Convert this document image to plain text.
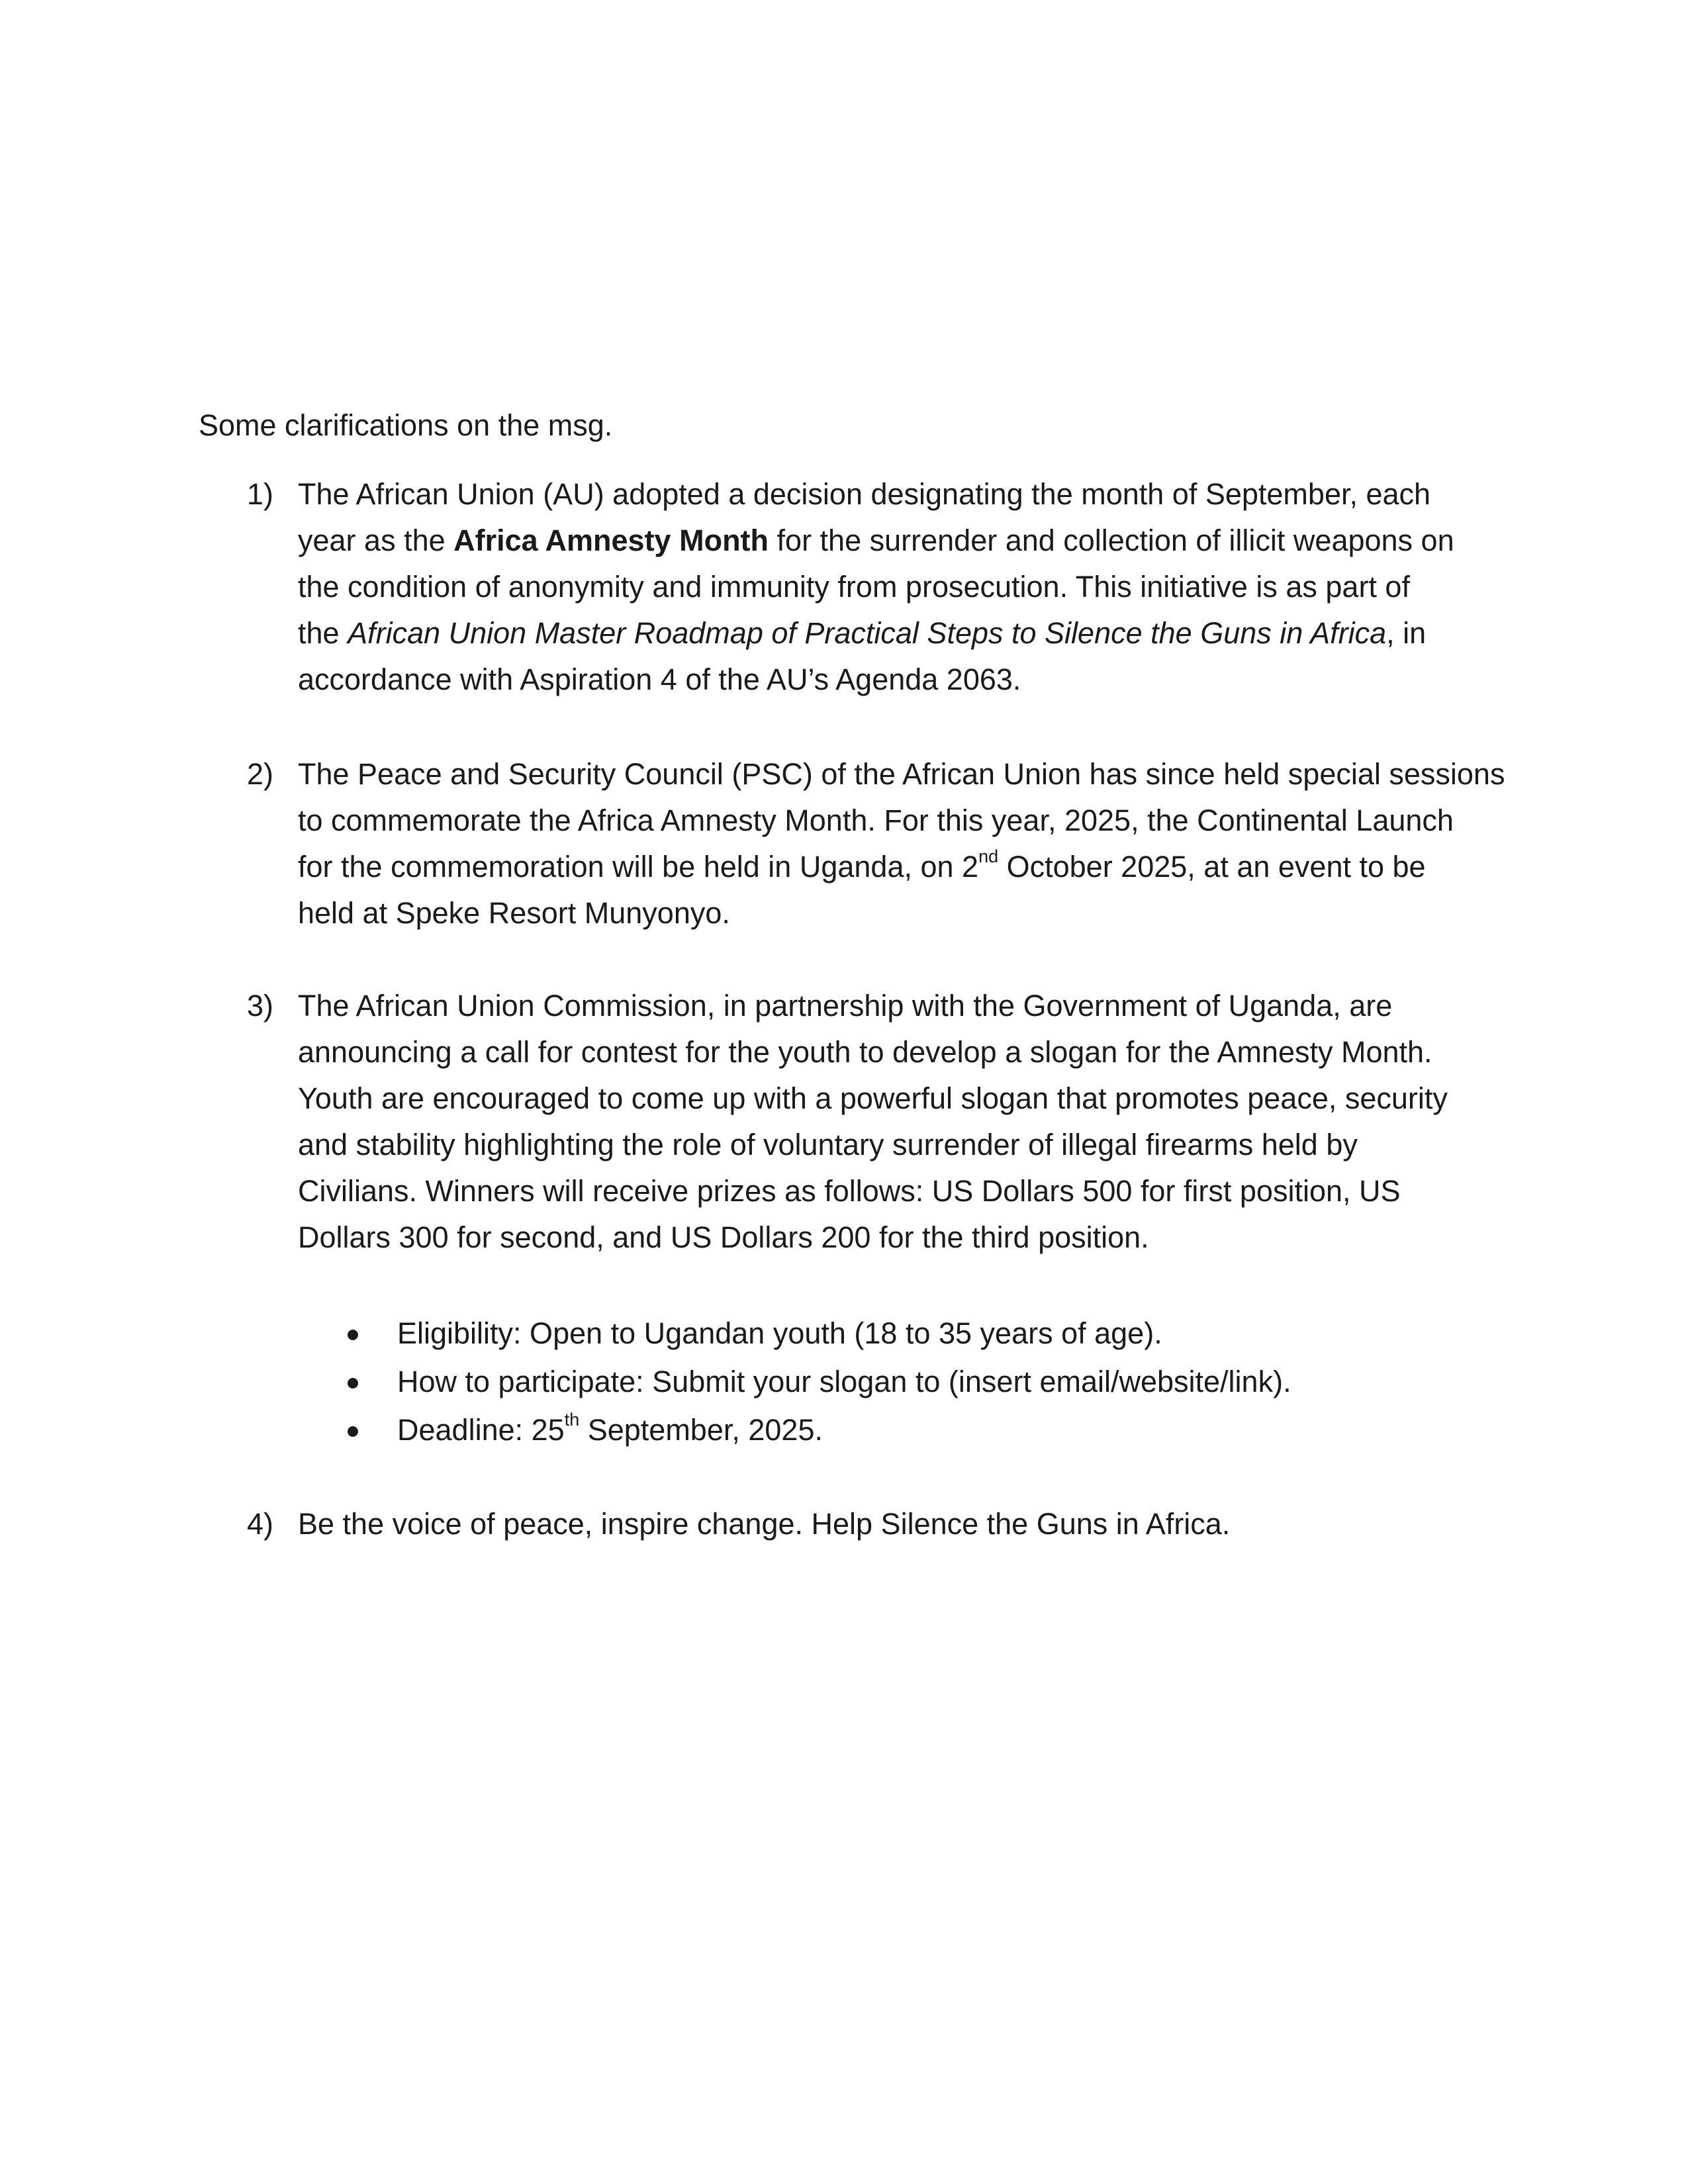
Some clarifications on the msg.
1) The African Union (AU) adopted a decision designating the month of September, each
year as the Africa Amnesty Month for the surrender and collection of illicit weapons on
the condition of anonymity and immunity from prosecution. This initiative is as part of
the African Union Master Roadmap of Practical Steps to Silence the Guns in Africa, in
accordance with Aspiration 4 of the AU’s Agenda 2063.
2) The Peace and Security Council (PSC) of the African Union has since held special sessions
to commemorate the Africa Amnesty Month. For this year, 2025, the Continental Launch
for the commemoration will be held in Uganda, on 2nd October 2025, at an event to be
held at Speke Resort Munyonyo.
3) The African Union Commission, in partnership with the Government of Uganda, are
announcing a call for contest for the youth to develop a slogan for the Amnesty Month.
Youth are encouraged to come up with a powerful slogan that promotes peace, security
and stability highlighting the role of voluntary surrender of illegal firearms held by
Civilians. Winners will receive prizes as follows: US Dollars 500 for first position, US
Dollars 300 for second, and US Dollars 200 for the third position.
Eligibility: Open to Ugandan youth (18 to 35 years of age).
How to participate: Submit your slogan to (insert email/website/link).
Deadline: 25th September, 2025.
4) Be the voice of peace, inspire change. Help Silence the Guns in Africa.
